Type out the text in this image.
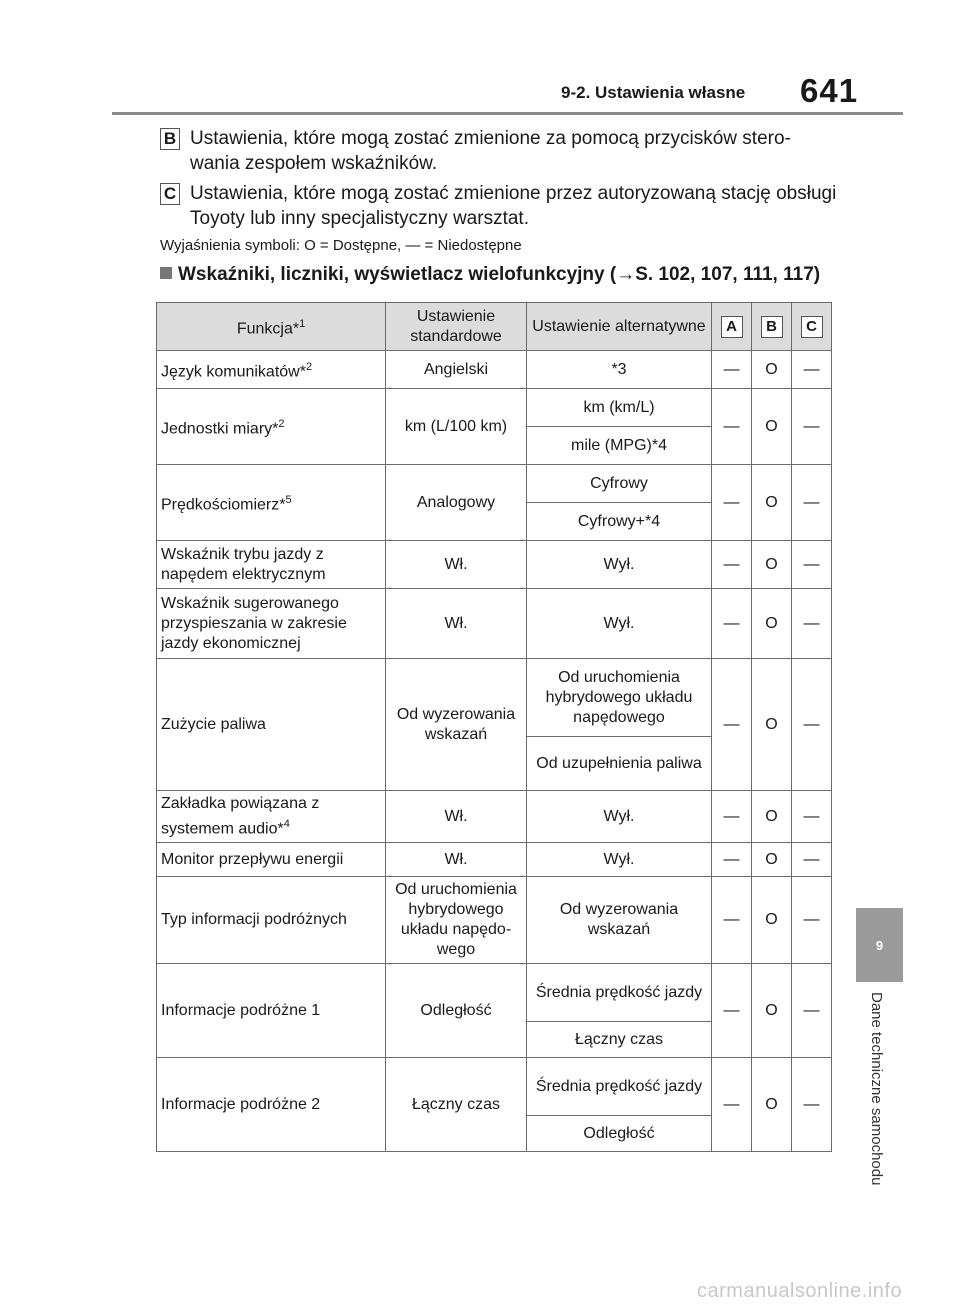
9-2. Ustawienia własne 641
B Ustawienia, które mogą zostać zmienione za pomocą przycisków stero-wania zespołem wskaźników.
C Ustawienia, które mogą zostać zmienione przez autoryzowaną stację obsługi Toyoty lub inny specjalistyczny warsztat.
Wyjaśnienia symboli: O = Dostępne, — = Niedostępne
Wskaźniki, liczniki, wyświetlacz wielofunkcyjny (→S. 102, 107, 111, 117)
Funkcja*$^1$	Ustawienie standardowe	Ustawienie alternatywne	A	B	C
Język komunikatów*$^2$	Angielski	*3	—	O	—
Jednostki miary*$^2$	km (L/100 km)	km (km/L)	—	O	—
		mile (MPG)*4			
Prędkościomierz*$^5$	Analogowy	Cyfrowy	—	O	—
		Cyfrowy+*4			
Wskaźnik trybu jazdy z napędem elektrycznym	Wł.	Wył.	—	O	—
Wskaźnik sugerowanego przyspieszania w zakresie jazdy ekonomicznej	Wł.	Wył.	—	O	—
Zużycie paliwa	Od wyzerowania wskazań	Od uruchomienia hybrydowego układu napędowego	—	O	—
		Od uzupełnienia paliwa			
Zakładka powiązana z systemem audio*$^4$	Wł.	Wył.	—	O	—
Monitor przepływu energii	Wł.	Wył.	—	O	—
Typ informacji podróżnych	Od uruchomienia hybrydowego układu napędo-wego	Od wyzerowania wskazań	—	O	—
Informacje podróżne 1	Odległość	Średnia prędkość jazdy	—	O	—
		Łączny czas			
Informacje podróżne 2	Łączny czas	Średnia prędkość jazdy	—	O	—
		Odległość			
9
Dane techniczne samochodu
carmanualsonline.info
